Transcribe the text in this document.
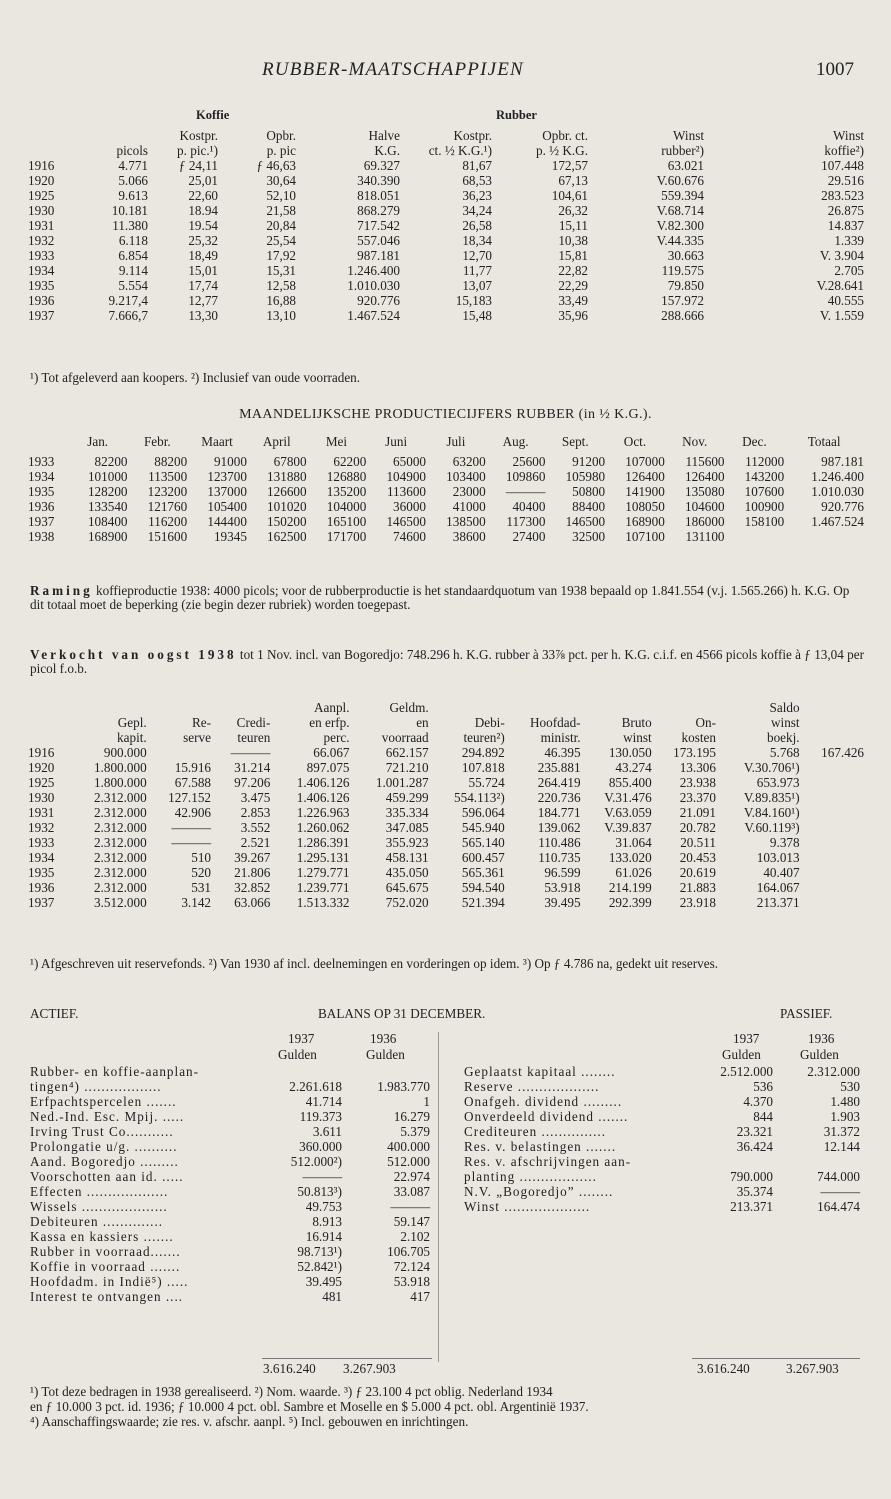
RUBBER-MAATSCHAPPIJEN	1007
Koffie	Rubber
		Kostpr.	Opbr.	Halve	Kostpr.	Opbr. ct.	Winst	Winst
	picols	p. pic.¹)	p. pic	K.G.	ct. ½ K.G.¹)	p. ½ K.G.	rubber²)	koffie²)
1916	4.771	ƒ 24,11	ƒ 46,63	69.327	81,67	172,57	63.021	107.448
1920	5.066	25,01	30,64	340.390	68,53	67,13	V.60.676	29.516
1925	9.613	22,60	52,10	818.051	36,23	104,61	559.394	283.523
1930	10.181	18.94	21,58	868.279	34,24	26,32	V.68.714	26.875
1931	11.380	19.54	20,84	717.542	26,58	15,11	V.82.300	14.837
1932	6.118	25,32	25,54	557.046	18,34	10,38	V.44.335	1.339
1933	6.854	18,49	17,92	987.181	12,70	15,81	30.663	V. 3.904
1934	9.114	15,01	15,31	1.246.400	11,77	22,82	119.575	2.705
1935	5.554	17,74	12,58	1.010.030	13,07	22,29	79.850	V.28.641
1936	9.217,4	12,77	16,88	920.776	15,183	33,49	157.972	40.555
1937	7.666,7	13,30	13,10	1.467.524	15,48	35,96	288.666	V. 1.559
¹) Tot afgeleverd aan koopers. ²) Inclusief van oude voorraden.
MAANDELIJKSCHE PRODUCTIECIJFERS RUBBER (in ½ K.G.).
	Jan.	Febr.	Maart	April	Mei	Juni	Juli	Aug.	Sept.	Oct.	Nov.	Dec.	Totaal
1933	82200	88200	91000	67800	62200	65000	63200	25600	91200	107000	115600	112000	987.181
1934	101000	113500	123700	131880	126880	104900	103400	109860	105980	126400	126400	143200	1.246.400
1935	128200	123200	137000	126600	135200	113600	23000	———	50800	141900	135080	107600	1.010.030
1936	133540	121760	105400	101020	104000	36000	41000	40400	88400	108050	104600	100900	920.776
1937	108400	116200	144400	150200	165100	146500	138500	117300	146500	168900	186000	158100	1.467.524
1938	168900	151600	19345	162500	171700	74600	38600	27400	32500	107100	131100		
Raming koffieproductie 1938: 4000 picols; voor de rubberproductie is het standaardquotum van 1938 bepaald op 1.841.554 (v.j. 1.565.266) h. K.G. Op dit totaal moet de beperking (zie begin dezer rubriek) worden toegepast.
Verkocht van oogst 1938 tot 1 Nov. incl. van Bogoredjo: 748.296 h. K.G. rubber à 33⅞ pct. per h. K.G. c.i.f. en 4566 picols koffie à ƒ 13,04 per picol f.o.b.
				Aanpl.	Geldm.					Saldo	
	Gepl.	Re-	Credi-	en erfp.	en	Debi-	Hoofdad-	Bruto	On-	winst	
	kapit.	serve	teuren	perc.	voorraad	teuren²)	ministr.	winst	kosten	boekj.	
1916	900.000		———	66.067	662.157	294.892	46.395	130.050	173.195	5.768	167.426
1920	1.800.000	15.916	31.214	897.075	721.210	107.818	235.881	43.274	13.306	V.30.706¹)	
1925	1.800.000	67.588	97.206	1.406.126	1.001.287	55.724	264.419	855.400	23.938	653.973	
1930	2.312.000	127.152	3.475	1.406.126	459.299	554.113²)	220.736	V.31.476	23.370	V.89.835¹)	
1931	2.312.000	42.906	2.853	1.226.963	335.334	596.064	184.771	V.63.059	21.091	V.84.160¹)	
1932	2.312.000	———	3.552	1.260.062	347.085	545.940	139.062	V.39.837	20.782	V.60.119³)	
1933	2.312.000	———	2.521	1.286.391	355.923	565.140	110.486	31.064	20.511	9.378	
1934	2.312.000	510	39.267	1.295.131	458.131	600.457	110.735	133.020	20.453	103.013	
1935	2.312.000	520	21.806	1.279.771	435.050	565.361	96.599	61.026	20.619	40.407	
1936	2.312.000	531	32.852	1.239.771	645.675	594.540	53.918	214.199	21.883	164.067	
1937	3.512.000	3.142	63.066	1.513.332	752.020	521.394	39.495	292.399	23.918	213.371	
¹) Afgeschreven uit reservefonds. ²) Van 1930 af incl. deelnemingen en vorderingen op idem. ³) Op ƒ 4.786 na, gedekt uit reserves.
ACTIEF.	BALANS OP 31 DECEMBER.	PASSIEF.
1937	1936
Gulden	Gulden
1937	1936
Gulden	Gulden
Rubber- en koffie-aanplan-		
tingen⁴) ..................	2.261.618	1.983.770
Erfpachtspercelen .......	41.714	1
Ned.-Ind. Esc. Mpij. .....	119.373	16.279
Irving Trust Co...........	3.611	5.379
Prolongatie u/g. ..........	360.000	400.000
Aand. Bogoredjo .........	512.000²)	512.000
Voorschotten aan id. .....	———	22.974
Effecten ...................	50.813³)	33.087
Wissels ....................	49.753	———
Debiteuren ..............	8.913	59.147
Kassa en kassiers .......	16.914	2.102
Rubber in voorraad.......	98.713¹)	106.705
Koffie in voorraad .......	52.842¹)	72.124
Hoofdadm. in Indië⁵) .....	39.495	53.918
Interest te ontvangen ....	481	417
Geplaatst kapitaal ........	2.512.000	2.312.000
Reserve ...................	536	530
Onafgeh. dividend .........	4.370	1.480
Onverdeeld dividend .......	844	1.903
Crediteuren ...............	23.321	31.372
Res. v. belastingen .......	36.424	12.144
Res. v. afschrijvingen aan-		
planting ..................	790.000	744.000
N.V. „Bogoredjo” ........	35.374	———
Winst ....................	213.371	164.474
3.616.240 3.267.903	3.616.240	3.267.903
¹) Tot deze bedragen in 1938 gerealiseerd. ²) Nom. waarde. ³) ƒ 23.100 4 pct oblig. Nederland 1934
en ƒ 10.000 3 pct. id. 1936; ƒ 10.000 4 pct. obl. Sambre et Moselle en $ 5.000 4 pct. obl. Argentinië 1937.
⁴) Aanschaffingswaarde; zie res. v. afschr. aanpl. ⁵) Incl. gebouwen en inrichtingen.
